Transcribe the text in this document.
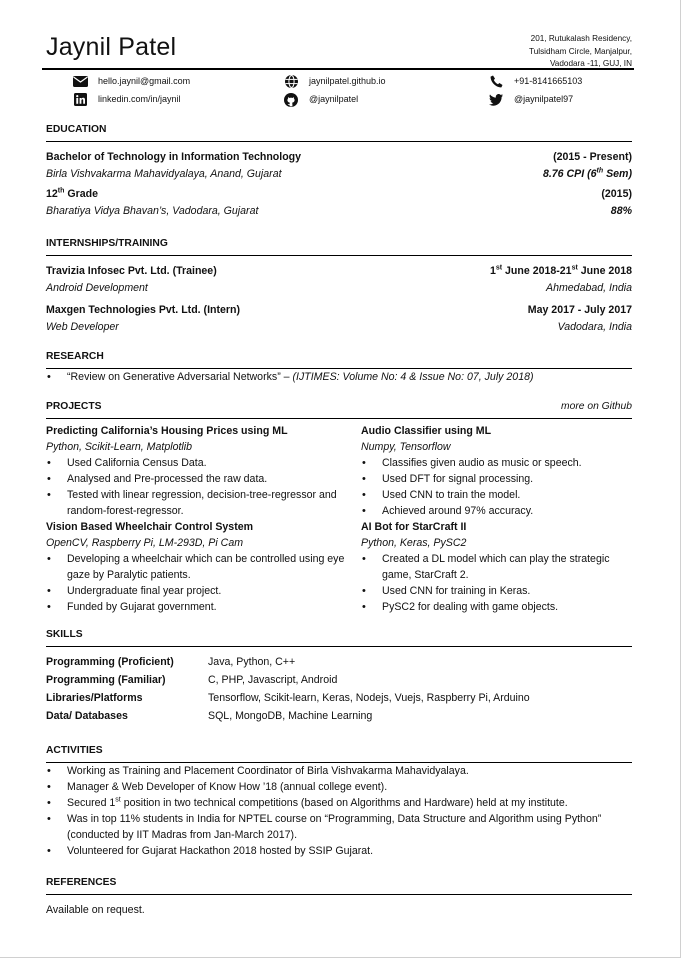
Jaynil Patel	201, Rutukalash Residency,
Tulsidham Circle, Manjalpur,
Vadodara -11, GUJ, IN
hello.jaynil@gmail.com	jaynilpatel.github.io	+91-8141665103
linkedin.com/in/jaynil	@jaynilpatel	@jaynilpatel97
EDUCATION
Bachelor of Technology in Information Technology	(2015 - Present)
Birla Vishvakarma Mahavidyalaya, Anand, Gujarat	8.76 CPI (6th Sem)
12th Grade	(2015)
Bharatiya Vidya Bhavan’s, Vadodara, Gujarat	88%
INTERNSHIPS/TRAINING
Travizia Infosec Pvt. Ltd. (Trainee)	1st June 2018-21st June 2018
Android Development	Ahmedabad, India
Maxgen Technologies Pvt. Ltd. (Intern)	May 2017 - July 2017
Web Developer	Vadodara, India
RESEARCH
• “Review on Generative Adversarial Networks” – (IJTIMES: Volume No: 4 & Issue No: 07, July 2018)
PROJECTS	more on Github
Predicting California’s Housing Prices using ML
Python, Scikit-Learn, Matplotlib
• Used California Census Data.
• Analysed and Pre-processed the raw data.
• Tested with linear regression, decision-tree-regressor and random-forest-regressor.
Vision Based Wheelchair Control System
OpenCV, Raspberry Pi, LM-293D, Pi Cam
• Developing a wheelchair which can be controlled using eye gaze by Paralytic patients.
• Undergraduate final year project.
• Funded by Gujarat government.
Audio Classifier using ML
Numpy, Tensorflow
• Classifies given audio as music or speech.
• Used DFT for signal processing.
• Used CNN to train the model.
• Achieved around 97% accuracy.
AI Bot for StarCraft II
Python, Keras, PySC2
• Created a DL model which can play the strategic game, StarCraft 2.
• Used CNN for training in Keras.
• PySC2 for dealing with game objects.
SKILLS
Programming (Proficient)	Java, Python, C++
Programming (Familiar)	C, PHP, Javascript, Android
Libraries/Platforms	Tensorflow, Scikit-learn, Keras, Nodejs, Vuejs, Raspberry Pi, Arduino
Data/ Databases	SQL, MongoDB, Machine Learning
ACTIVITIES
• Working as Training and Placement Coordinator of Birla Vishvakarma Mahavidyalaya.
• Manager & Web Developer of Know How ’18 (annual college event).
• Secured 1st position in two technical competitions (based on Algorithms and Hardware) held at my institute.
• Was in top 11% students in India for NPTEL course on “Programming, Data Structure and Algorithm using Python” (conducted by IIT Madras from Jan-March 2017).
• Volunteered for Gujarat Hackathon 2018 hosted by SSIP Gujarat.
REFERENCES
Available on request.
